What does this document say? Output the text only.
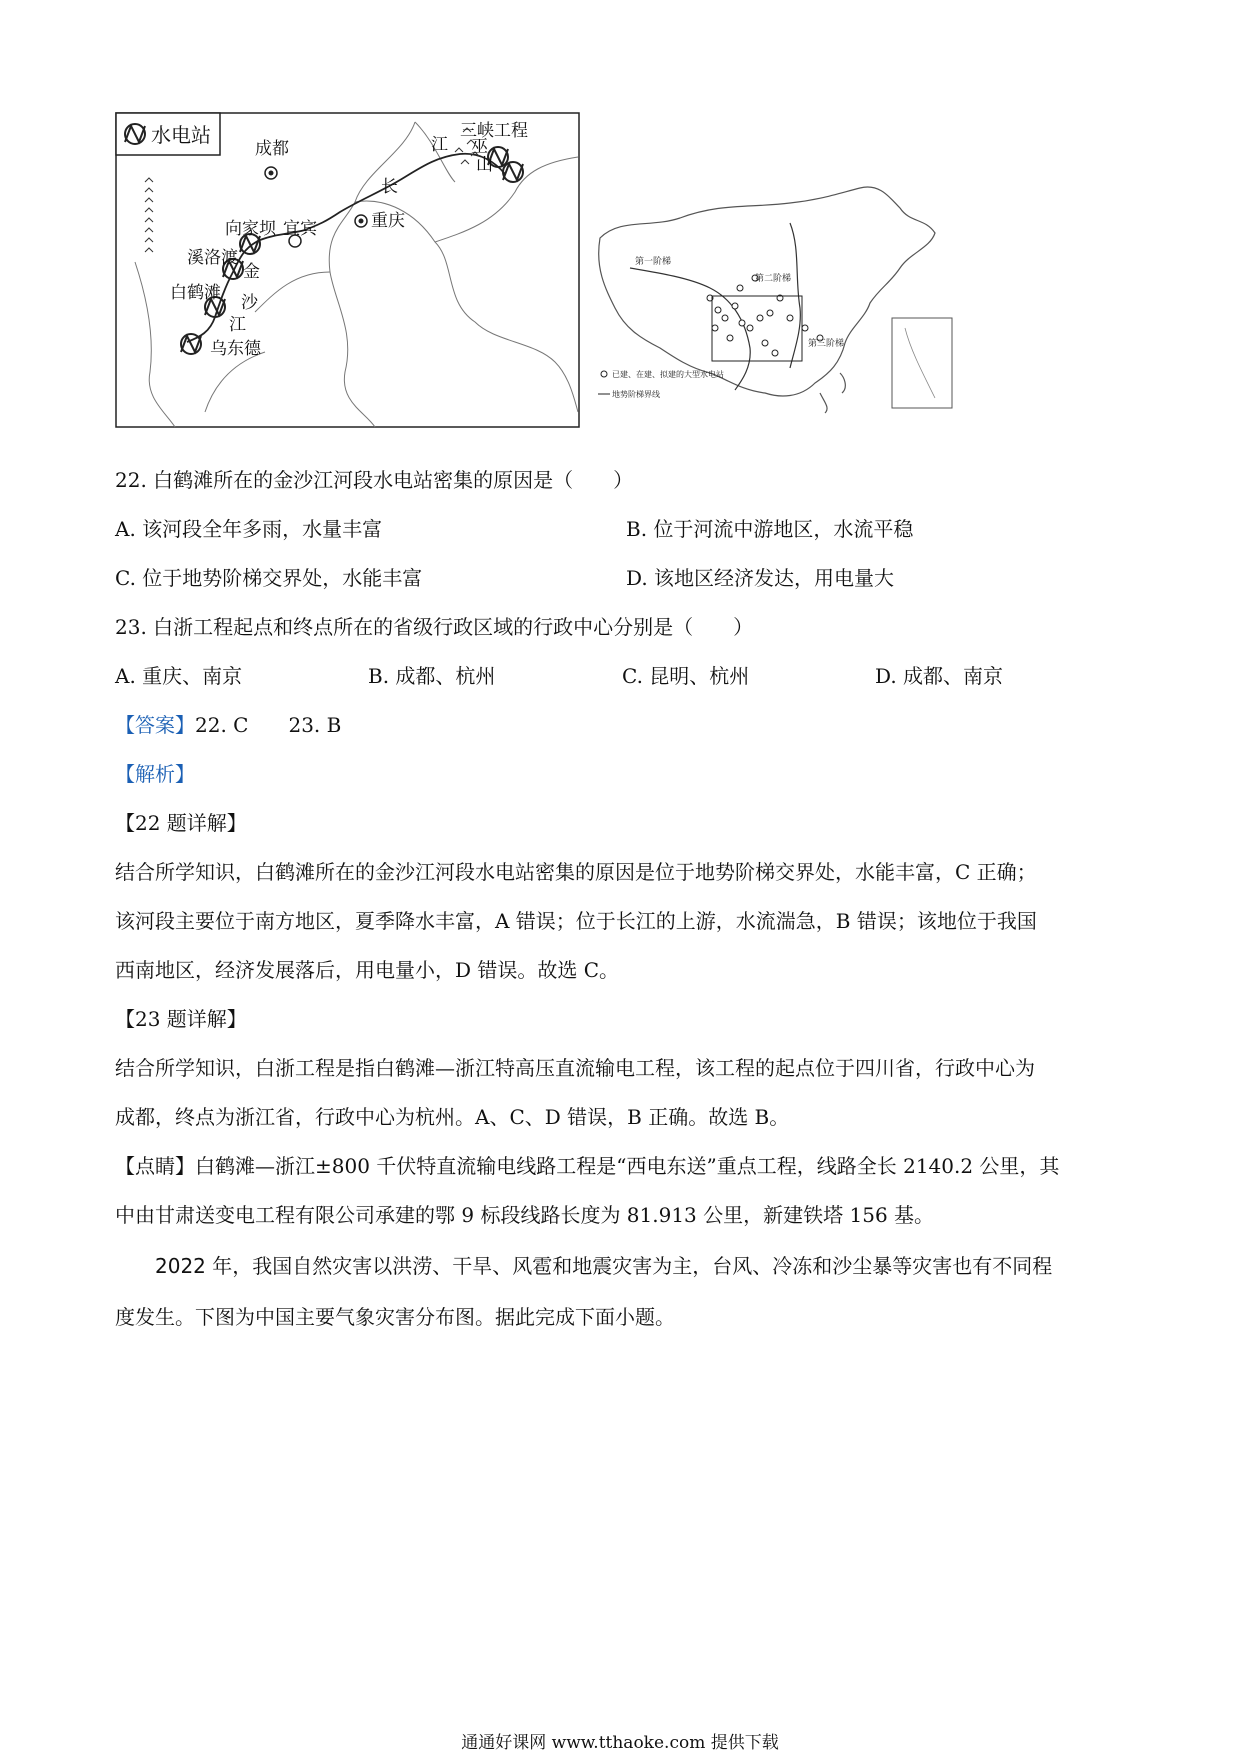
水电站
成都	江
三峡工程
巫
山
长
重庆
向家坝 宜宾
溪洛渡
金
白鹤滩 沙
江
乌东德
第一阶梯
第二阶梯
第三阶梯
已建、在建、拟建的大型水电站
地势阶梯界线
22. 白鹤滩所在的金沙江河段水电站密集的原因是（　　）
A. 该河段全年多雨，水量丰富	B. 位于河流中游地区，水流平稳
C. 位于地势阶梯交界处，水能丰富	D. 该地区经济发达，用电量大
23. 白浙工程起点和终点所在的省级行政区域的行政中心分别是（　　）
A. 重庆、南京	B. 成都、杭州	C. 昆明、杭州	D. 成都、南京
【答案】22. C　　23. B
【解析】
【22 题详解】
结合所学知识，白鹤滩所在的金沙江河段水电站密集的原因是位于地势阶梯交界处，水能丰富，C 正确；
该河段主要位于南方地区，夏季降水丰富，A 错误；位于长江的上游，水流湍急，B 错误；该地位于我国
西南地区，经济发展落后，用电量小，D 错误。故选 C。
【23 题详解】
结合所学知识，白浙工程是指白鹤滩—浙江特高压直流输电工程，该工程的起点位于四川省，行政中心为
成都，终点为浙江省，行政中心为杭州。A、C、D 错误，B 正确。故选 B。
【点睛】白鹤滩—浙江±800 千伏特直流输电线路工程是“西电东送”重点工程，线路全长 2140.2 公里，其
中由甘肃送变电工程有限公司承建的鄂 9 标段线路长度为 81.913 公里，新建铁塔 156 基。
2022 年，我国自然灾害以洪涝、干旱、风雹和地震灾害为主，台风、冷冻和沙尘暴等灾害也有不同程
度发生。下图为中国主要气象灾害分布图。据此完成下面小题。
通通好课网 www.tthaoke.com 提供下载
